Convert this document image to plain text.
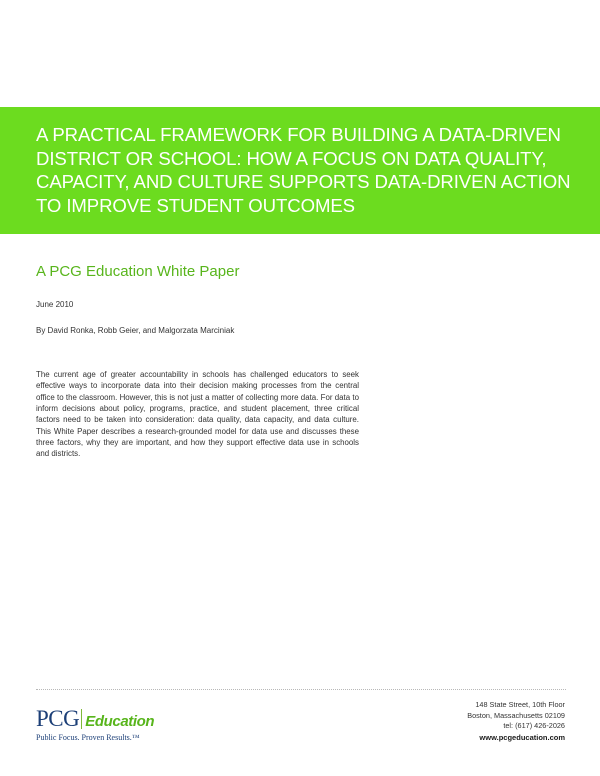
A PRACTICAL FRAMEWORK FOR BUILDING A DATA-DRIVEN DISTRICT OR SCHOOL: HOW A FOCUS ON DATA QUALITY, CAPACITY, AND CULTURE SUPPORTS DATA-DRIVEN ACTION TO IMPROVE STUDENT OUTCOMES
A PCG Education White Paper

June 2010

By David Ronka, Robb Geier, and Malgorzata Marciniak

The current age of greater accountability in schools has challenged educators to seek effective ways to incorporate data into their decision making processes from the central office to the classroom. However, this is not just a matter of collecting more data. For data to inform decisions about policy, programs, practice, and student placement, three critical factors need to be taken into consideration: data quality, data capacity, and data culture. This White Paper describes a research-grounded model for data use and discusses these three factors, why they are important, and how they support effective data use in schools and districts.

PCG Education
Public Focus. Proven Results.™
148 State Street, 10th Floor
Boston, Massachusetts 02109
tel: (617) 426-2026
www.pcgeducation.com
